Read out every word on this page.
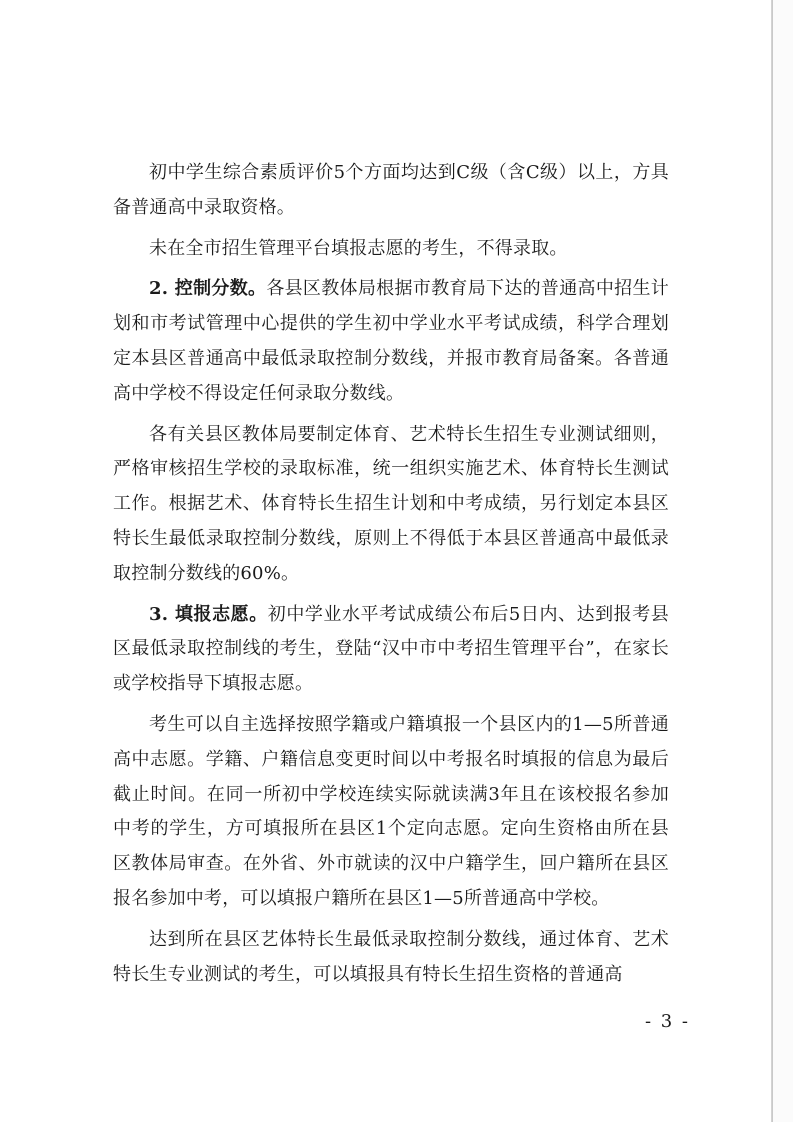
初中学生综合素质评价5个方面均达到C级（含C级）以上，方具备普通高中录取资格。

未在全市招生管理平台填报志愿的考生，不得录取。

2. 控制分数。各县区教体局根据市教育局下达的普通高中招生计划和市考试管理中心提供的学生初中学业水平考试成绩，科学合理划定本县区普通高中最低录取控制分数线，并报市教育局备案。各普通高中学校不得设定任何录取分数线。

各有关县区教体局要制定体育、艺术特长生招生专业测试细则，严格审核招生学校的录取标准，统一组织实施艺术、体育特长生测试工作。根据艺术、体育特长生招生计划和中考成绩，另行划定本县区特长生最低录取控制分数线，原则上不得低于本县区普通高中最低录取控制分数线的60%。

3. 填报志愿。初中学业水平考试成绩公布后5日内、达到报考县区最低录取控制线的考生，登陆“汉中市中考招生管理平台”，在家长或学校指导下填报志愿。

考生可以自主选择按照学籍或户籍填报一个县区内的1—5所普通高中志愿。学籍、户籍信息变更时间以中考报名时填报的信息为最后截止时间。在同一所初中学校连续实际就读满3年且在该校报名参加中考的学生，方可填报所在县区1个定向志愿。定向生资格由所在县区教体局审查。在外省、外市就读的汉中户籍学生，回户籍所在县区报名参加中考，可以填报户籍所在县区1—5所普通高中学校。

达到所在县区艺体特长生最低录取控制分数线，通过体育、艺术特长生专业测试的考生，可以填报具有特长生招生资格的普通高

- 3 -
